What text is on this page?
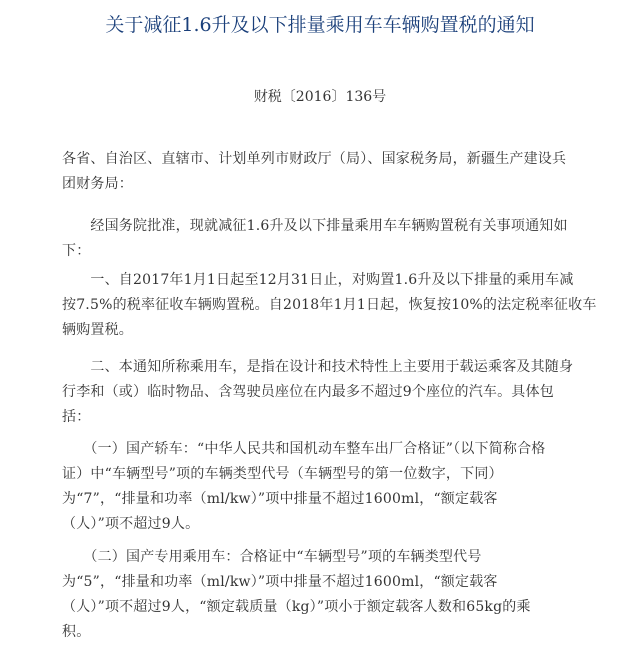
关于减征1.6升及以下排量乘用车车辆购置税的通知

财税〔2016〕136号

各省、自治区、直辖市、计划单列市财政厅（局）、国家税务局，新疆生产建设兵
团财务局：

　　经国务院批准，现就减征1.6升及以下排量乘用车车辆购置税有关事项通知如
下：

　　一、自2017年1月1日起至12月31日止，对购置1.6升及以下排量的乘用车减
按7.5%的税率征收车辆购置税。自2018年1月1日起，恢复按10%的法定税率征收车
辆购置税。

　　二、本通知所称乘用车，是指在设计和技术特性上主要用于载运乘客及其随身
行李和（或）临时物品、含驾驶员座位在内最多不超过9个座位的汽车。具体包
括：

　　（一）国产轿车：“中华人民共和国机动车整车出厂合格证”（以下简称合格
证）中“车辆型号”项的车辆类型代号（车辆型号的第一位数字，下同）
为“7”，“排量和功率（ml/kw）”项中排量不超过1600ml，“额定载客
（人）”项不超过9人。

　　（二）国产专用乘用车：合格证中“车辆型号”项的车辆类型代号
为“5”，“排量和功率（ml/kw）”项中排量不超过1600ml，“额定载客
（人）”项不超过9人，“额定载质量（kg）”项小于额定载客人数和65kg的乘
积。
